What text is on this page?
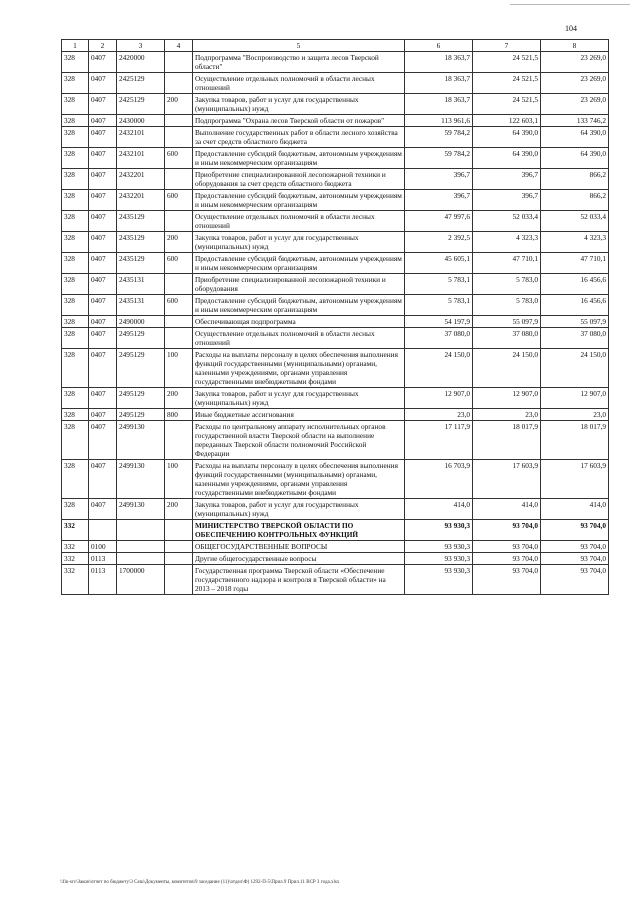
104
1	2	3	4	5	6	7	8
328	0407	2420000		Подпрограмма "Воспроизводство и защита лесов Тверской области"	18 363,7	24 521,5	23 269,0
328	0407	2425129		Осуществление отдельных полномочий в области лесных отношений	18 363,7	24 521,5	23 269,0
328	0407	2425129	200	Закупка товаров, работ и услуг для государственных (муниципальных) нужд	18 363,7	24 521,5	23 269,0
328	0407	2430000		Подпрограмма "Охрана лесов Тверской области от пожаров"	113 961,6	122 603,1	133 746,2
328	0407	2432101		Выполнение государственных работ в области лесного хозяйства за счет средств областного бюджета	59 784,2	64 390,0	64 390,0
328	0407	2432101	600	Предоставление субсидий бюджетным, автономным учреждениям и иным некоммерческим организациям	59 784,2	64 390,0	64 390,0
328	0407	2432201		Приобретение специализированной лесопожарной техники и оборудования за счет средств областного бюджета	396,7	396,7	866,2
328	0407	2432201	600	Предоставление субсидий бюджетным, автономным учреждениям и иным некоммерческим организациям	396,7	396,7	866,2
328	0407	2435129		Осуществление отдельных полномочий в области лесных отношений	47 997,6	52 033,4	52 033,4
328	0407	2435129	200	Закупка товаров, работ и услуг для государственных (муниципальных) нужд	2 392,5	4 323,3	4 323,3
328	0407	2435129	600	Предоставление субсидий бюджетным, автономным учреждениям и иным некоммерческим организациям	45 605,1	47 710,1	47 710,1
328	0407	2435131		Приобретение специализированной лесопожарной техники и оборудования	5 783,1	5 783,0	16 456,6
328	0407	2435131	600	Предоставление субсидий бюджетным, автономным учреждениям и иным некоммерческим организациям	5 783,1	5 783,0	16 456,6
328	0407	2490000		Обеспечивающая подпрограмма	54 197,9	55 097,9	55 097,9
328	0407	2495129		Осуществление отдельных полномочий в области лесных отношений	37 080,0	37 080,0	37 080,0
328	0407	2495129	100	Расходы на выплаты персоналу в целях обеспечения выполнения функций государственными (муниципальными) органами, казенными учреждениями, органами управления государственными внебюджетными фондами	24 150,0	24 150,0	24 150,0
328	0407	2495129	200	Закупка товаров, работ и услуг для государственных (муниципальных) нужд	12 907,0	12 907,0	12 907,0
328	0407	2495129	800	Иные бюджетные ассигнования	23,0	23,0	23,0
328	0407	2499130		Расходы по центральному аппарату исполнительных органов государственной власти Тверской области на выполнение переданных Тверской области полномочий Российской Федерации	17 117,9	18 017,9	18 017,9
328	0407	2499130	100	Расходы на выплаты персоналу в целях обеспечения выполнения функций государственными (муниципальными) органами, казенными учреждениями, органами управления государственными внебюджетными фондами	16 703,9	17 603,9	17 603,9
328	0407	2499130	200	Закупка товаров, работ и услуг для государственных (муниципальных) нужд	414,0	414,0	414,0
332				МИНИСТЕРСТВО ТВЕРСКОЙ ОБЛАСТИ ПО ОБЕСПЕЧЕНИЮ КОНТРОЛЬНЫХ ФУНКЦИЙ	93 930,3	93 704,0	93 704,0
332	0100			ОБЩЕГОСУДАРСТВЕННЫЕ ВОПРОСЫ	93 930,3	93 704,0	93 704,0
332	0113			Другие общегосударственные вопросы	93 930,3	93 704,0	93 704,0
332	0113	1700000		Государственная программа Тверской области «Обеспечение государственного надзора и контроля в Тверской области» на 2013 – 2018 годы	93 930,3	93 704,0	93 704,0
\\fin-srv\Закон\отчет по бюджету\3 Сеш\Документы, комитетов\9 заседание (11)\отдел\Ф) 1292-П-5\Прил.9 Прил.11 ВСР 3 года.xlsx
